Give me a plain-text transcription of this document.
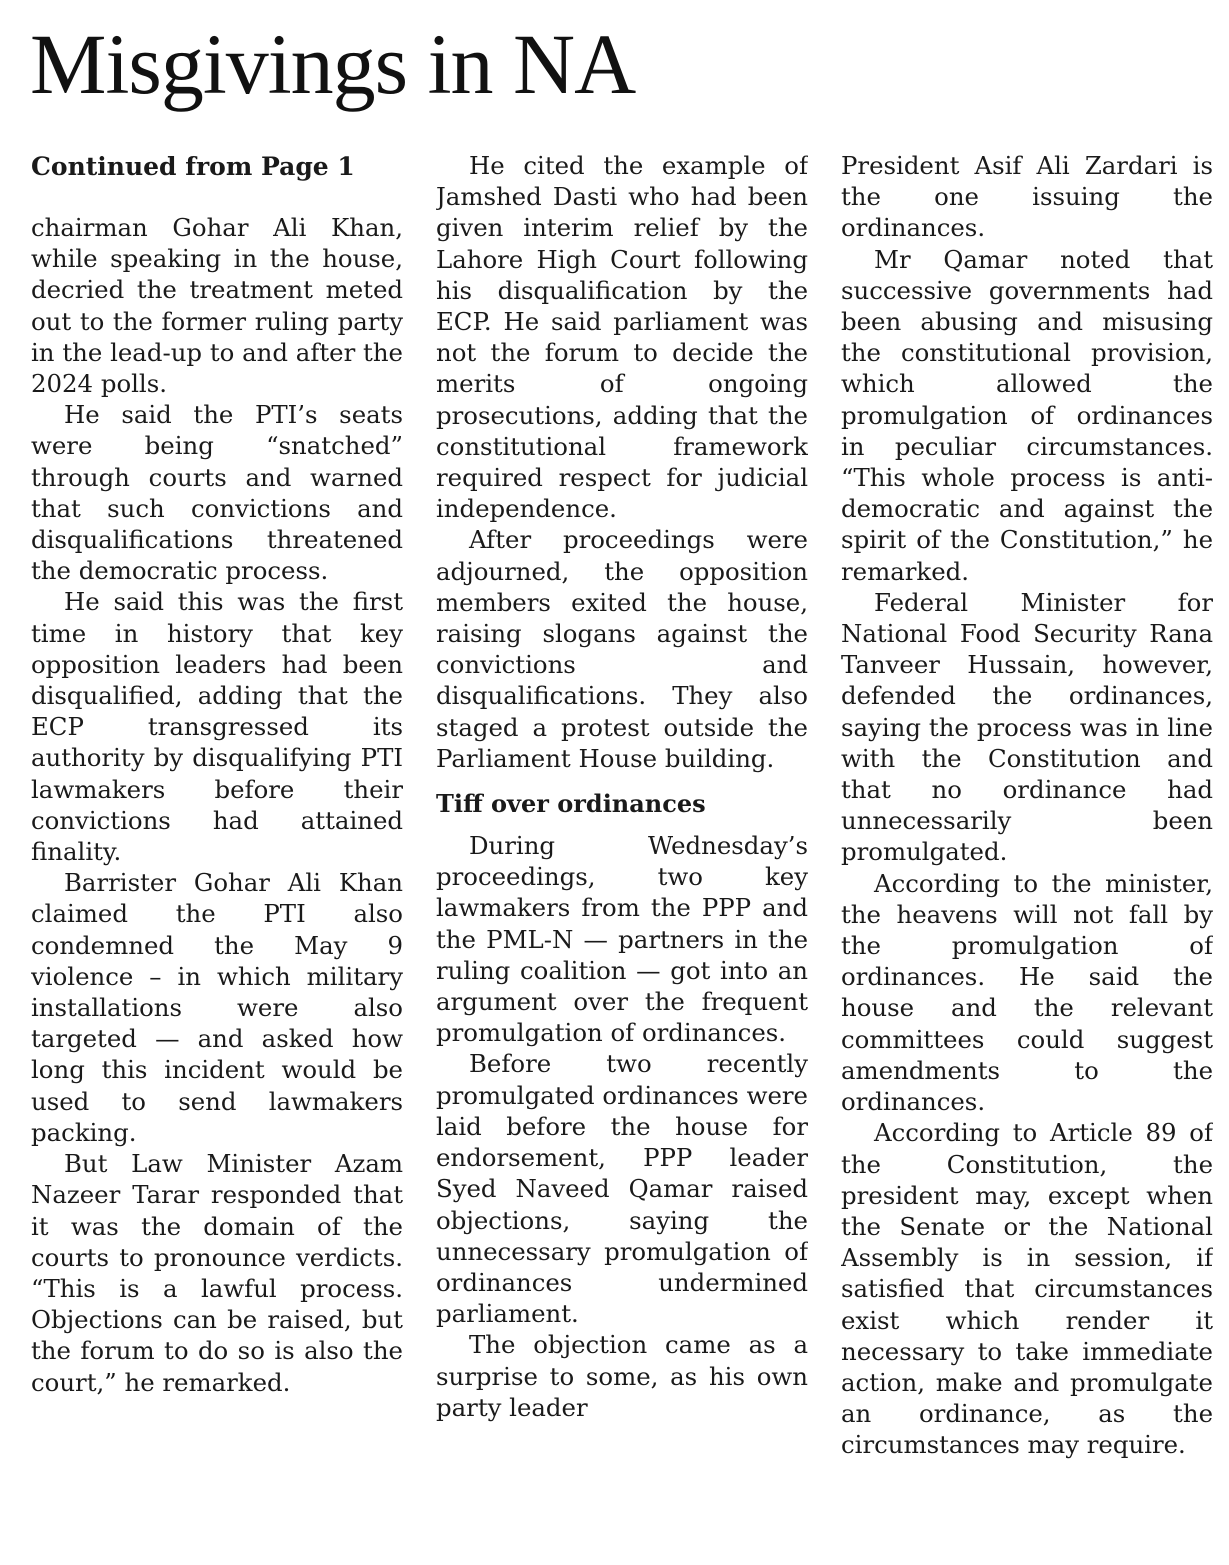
Misgivings in NA
Continued from Page 1

chairman Gohar Ali Khan, while speaking in the house, decried the treatment meted out to the former ruling party in the lead-up to and after the 2024 polls.

He said the PTI’s seats were being “snatched” through courts and warned that such convictions and disqualifications threatened the democratic process.

He said this was the first time in history that key opposition leaders had been disqualified, adding that the ECP transgressed its authority by disqualifying PTI lawmakers before their convictions had attained finality.

Barrister Gohar Ali Khan claimed the PTI also condemned the May 9 violence – in which military installations were also targeted — and asked how long this incident would be used to send lawmakers packing.

But Law Minister Azam Nazeer Tarar responded that it was the domain of the courts to pronounce verdicts. “This is a lawful process. Objections can be raised, but the forum to do so is also the court,” he remarked.

He cited the example of Jamshed Dasti who had been given interim relief by the Lahore High Court following his disqualification by the ECP. He said parliament was not the forum to decide the merits of ongoing prosecutions, adding that the constitutional framework required respect for judicial independence.

After proceedings were adjourned, the opposition members exited the house, raising slogans against the convictions and disqualifications. They also staged a protest outside the Parliament House building.

Tiff over ordinances

During Wednesday’s proceedings, two key lawmakers from the PPP and the PML-N — partners in the ruling coalition — got into an argument over the frequent promulgation of ordinances.

Before two recently promulgated ordinances were laid before the house for endorsement, PPP leader Syed Naveed Qamar raised objections, saying the unnecessary promulgation of ordinances undermined parliament.

The objection came as a surprise to some, as his own party leader

President Asif Ali Zardari is the one issuing the ordinances.

Mr Qamar noted that successive governments had been abusing and misusing the constitutional provision, which allowed the promulgation of ordinances in peculiar circumstances. “This whole process is anti-democratic and against the spirit of the Constitution,” he remarked.

Federal Minister for National Food Security Rana Tanveer Hussain, however, defended the ordinances, saying the process was in line with the Constitution and that no ordinance had unnecessarily been promulgated.

According to the minister, the heavens will not fall by the promulgation of ordinances. He said the house and the relevant committees could suggest amendments to the ordinances.

According to Article 89 of the Constitution, the president may, except when the Senate or the National Assembly is in session, if satisfied that circumstances exist which render it necessary to take immediate action, make and promulgate an ordinance, as the circumstances may require.
